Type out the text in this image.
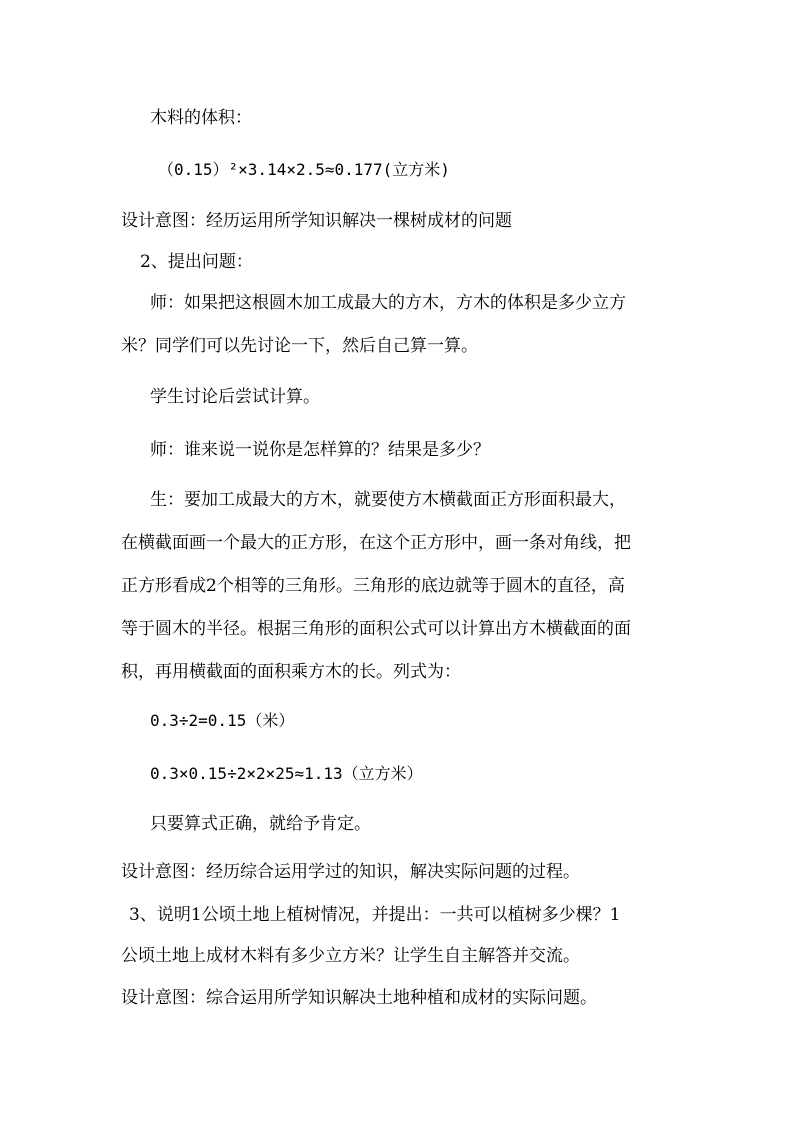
木料的体积：
（0.15）²×3.14×2.5≈0.177(立方米)
设计意图：经历运用所学知识解决一棵树成材的问题
2、提出问题：
师：如果把这根圆木加工成最大的方木，方木的体积是多少立方
米？同学们可以先讨论一下，然后自己算一算。
学生讨论后尝试计算。
师：谁来说一说你是怎样算的？结果是多少？
生：要加工成最大的方木，就要使方木横截面正方形面积最大，
在横截面画一个最大的正方形，在这个正方形中，画一条对角线，把
正方形看成2个相等的三角形。三角形的底边就等于圆木的直径，高
等于圆木的半径。根据三角形的面积公式可以计算出方木横截面的面
积，再用横截面的面积乘方木的长。列式为：
0.3÷2=0.15（米）
0.3×0.15÷2×2×25≈1.13（立方米）
只要算式正确，就给予肯定。
设计意图：经历综合运用学过的知识，解决实际问题的过程。
3、说明1公顷土地上植树情况，并提出：一共可以植树多少棵？1
公顷土地上成材木料有多少立方米？让学生自主解答并交流。
设计意图：综合运用所学知识解决土地种植和成材的实际问题。
